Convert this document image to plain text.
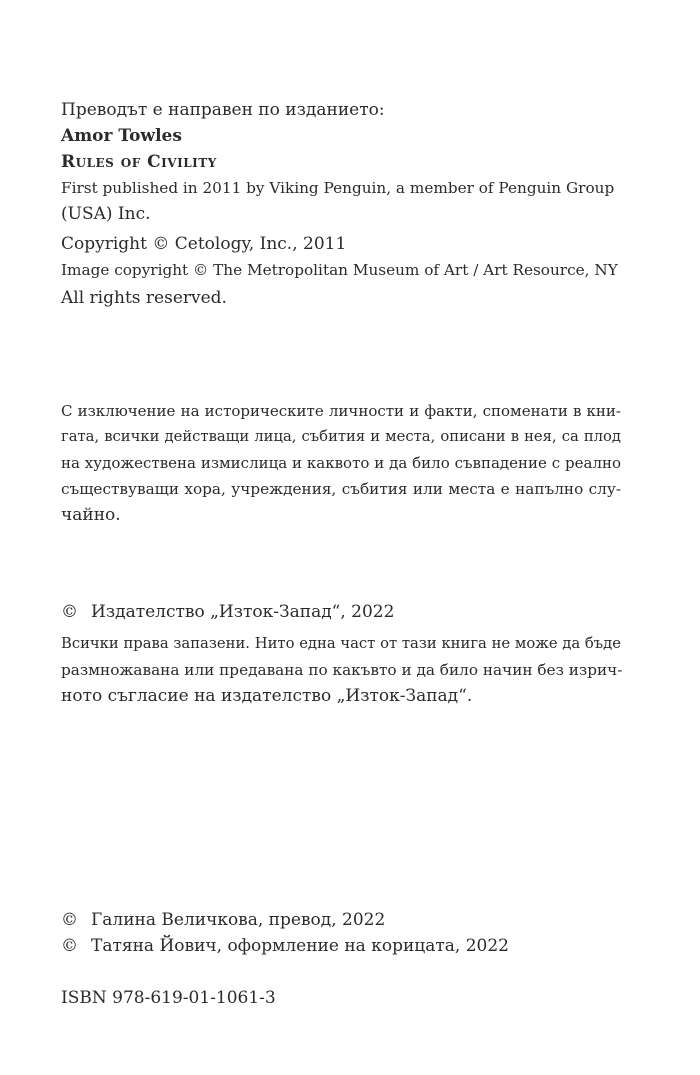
Преводът е направен по изданието:
Amor Towles
Rules of Civility
First published in 2011 by Viking Penguin, a member of Penguin Group
(USA) Inc.
Copyright © Cetology, Inc., 2011
Image copyright © The Metropolitan Museum of Art / Art Resource, NY
All rights reserved.
С изключение на историческите личности и факти, споменати в кни-
гата, всички действащи лица, събития и места, описани в нея, са плод
на художествена измислица и каквото и да било съвпадение с реално
съществуващи хора, учреждения, събития или места е напълно слу-
чайно.
© Издателство „Изток-Запад“, 2022
Всички права запазени. Нито една част от тази книга не може да бъде
размножавана или предавана по какъвто и да било начин без изрич-
ното съгласие на издателство „Изток-Запад“.
© Галина Величкова, превод, 2022
© Татяна Йович, оформление на корицата, 2022
ISBN 978-619-01-1061-3
